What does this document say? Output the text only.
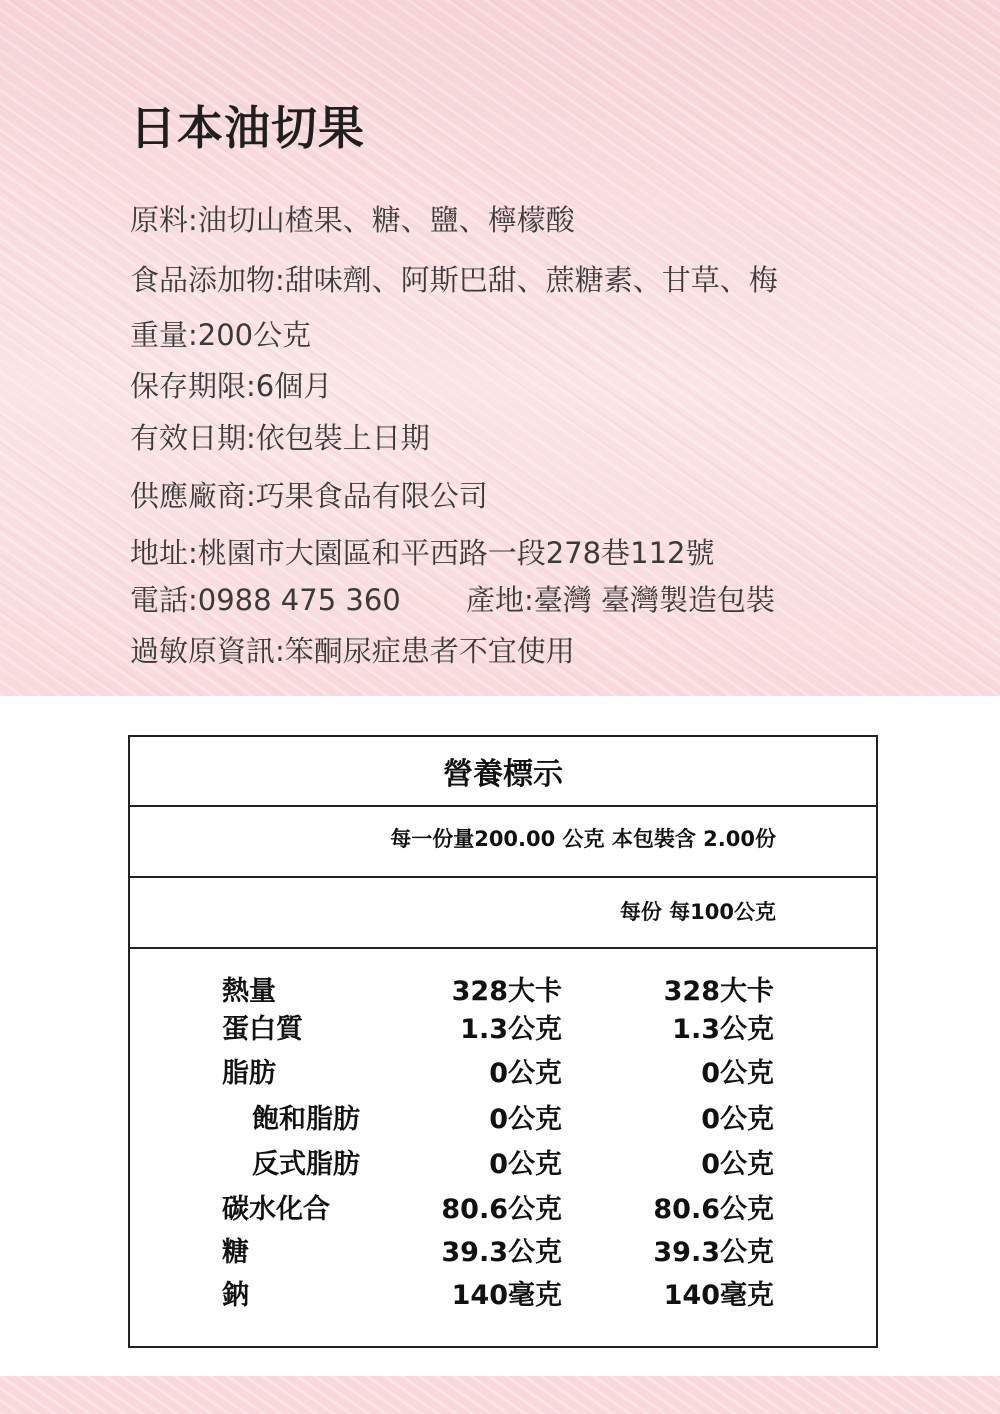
日本油切果
原料:油切山楂果、糖、鹽、檸檬酸
食品添加物:甜味劑、阿斯巴甜、蔗糖素、甘草、梅
重量:200公克
保存期限:6個月
有效日期:依包裝上日期
供應廠商:巧果食品有限公司
地址:桃園市大園區和平西路一段278巷112號
電話:0988 475 360 產地:臺灣 臺灣製造包裝
過敏原資訊:笨酮尿症患者不宜使用
營養標示
每一份量200.00 公克 本包裝含 2.00份
每份 每100公克
熱量	328大卡	328大卡
蛋白質	1.3公克	1.3公克
脂肪	0公克	0公克
飽和脂肪	0公克	0公克
反式脂肪	0公克	0公克
碳水化合	80.6公克	80.6公克
糖	39.3公克	39.3公克
鈉	140毫克	140毫克
